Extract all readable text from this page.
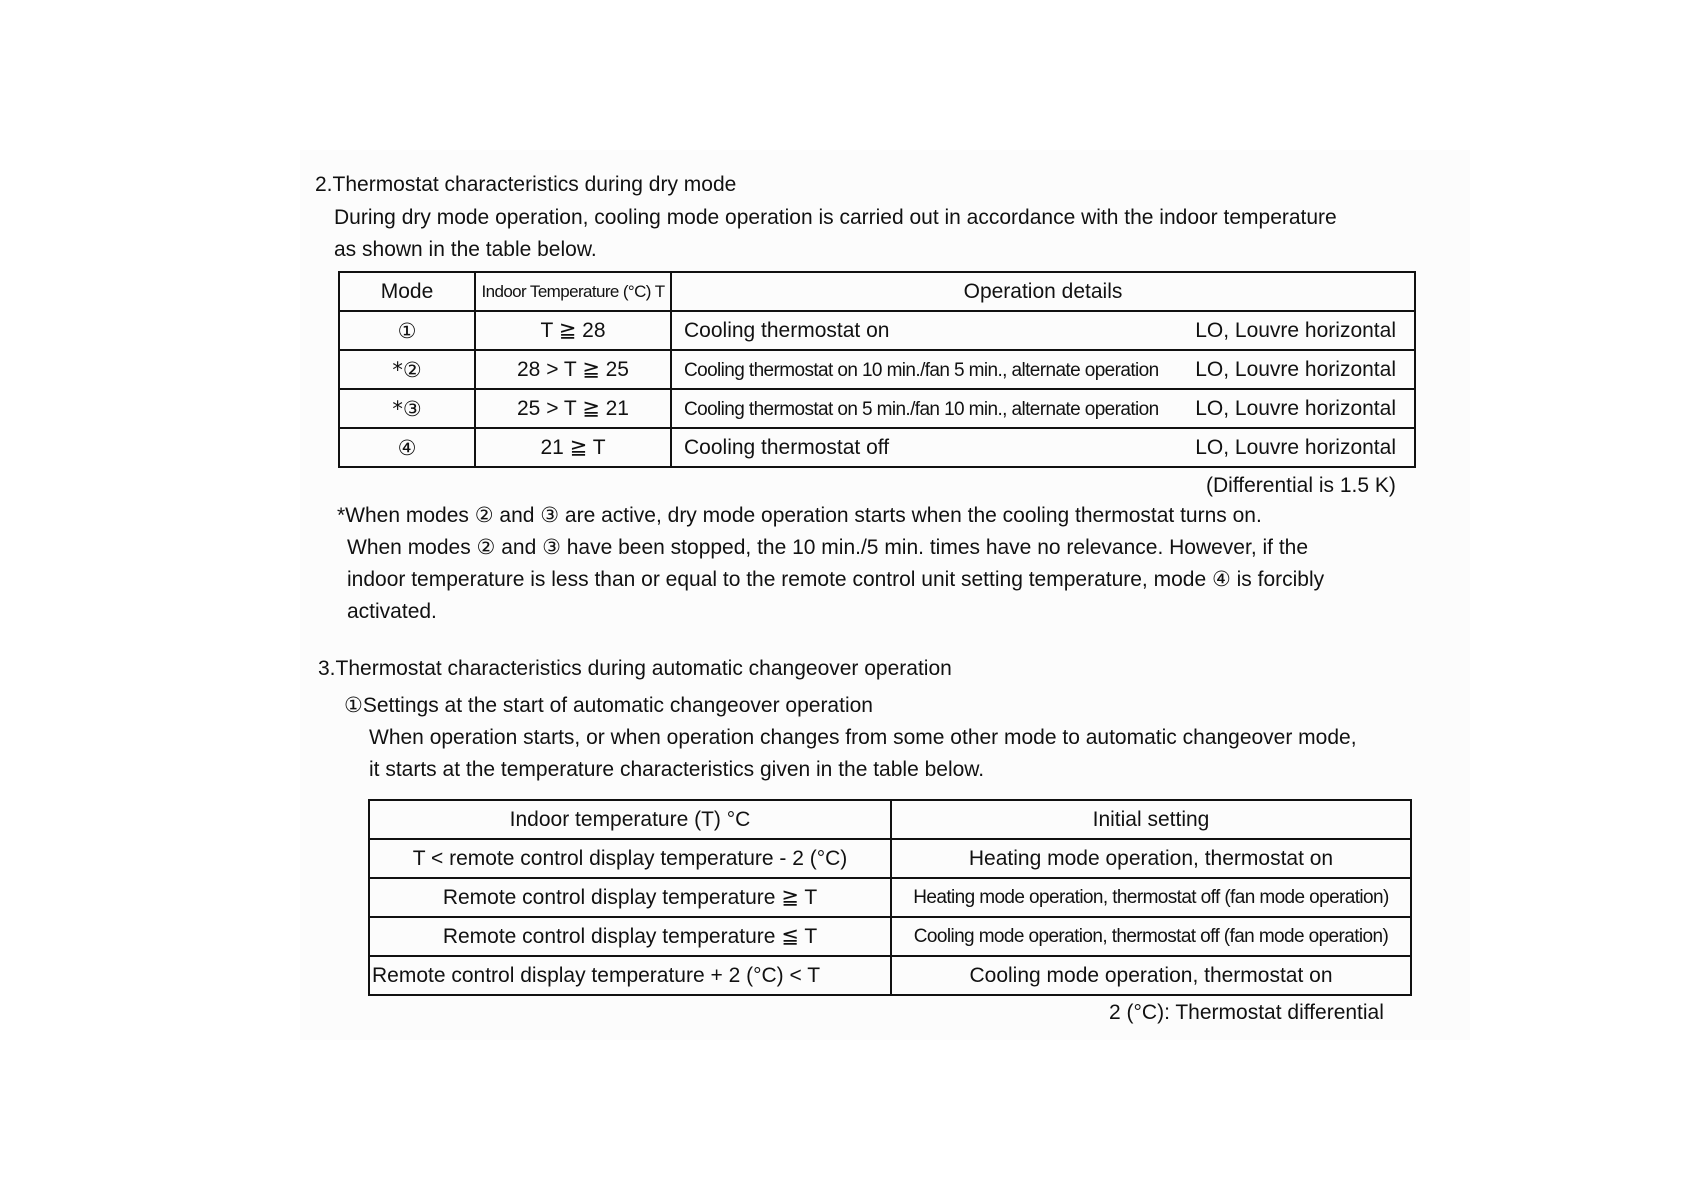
2.Thermostat characteristics during dry mode
During dry mode operation, cooling mode operation is carried out in accordance with the indoor temperature
as shown in the table below.
Mode	Indoor Temperature (°C) T	Operation details
①	T ≧ 28	Cooling thermostat on LO, Louvre horizontal

*②	28 > T ≧ 25	Cooling thermostat on 10 min./fan 5 min., alternate operation LO, Louvre horizontal

*③	25 > T ≧ 21	Cooling thermostat on 5 min./fan 10 min., alternate operation LO, Louvre horizontal

④	21 ≧ T	Cooling thermostat off LO, Louvre horizontal
(Differential is 1.5 K)
*When modes ② and ③ are active, dry mode operation starts when the cooling thermostat turns on.
When modes ② and ③ have been stopped, the 10 min./5 min. times have no relevance. However, if the
indoor temperature is less than or equal to the remote control unit setting temperature, mode ④ is forcibly
activated.
3.Thermostat characteristics during automatic changeover operation
①Settings at the start of automatic changeover operation
When operation starts, or when operation changes from some other mode to automatic changeover mode,
it starts at the temperature characteristics given in the table below.
Indoor temperature (T) °C	Initial setting
T < remote control display temperature - 2 (°C)	Heating mode operation, thermostat on
Remote control display temperature ≧ T	Heating mode operation, thermostat off (fan mode operation)
Remote control display temperature ≦ T	Cooling mode operation, thermostat off (fan mode operation)
Remote control display temperature + 2 (°C) < T	Cooling mode operation, thermostat on
2 (°C): Thermostat differential
